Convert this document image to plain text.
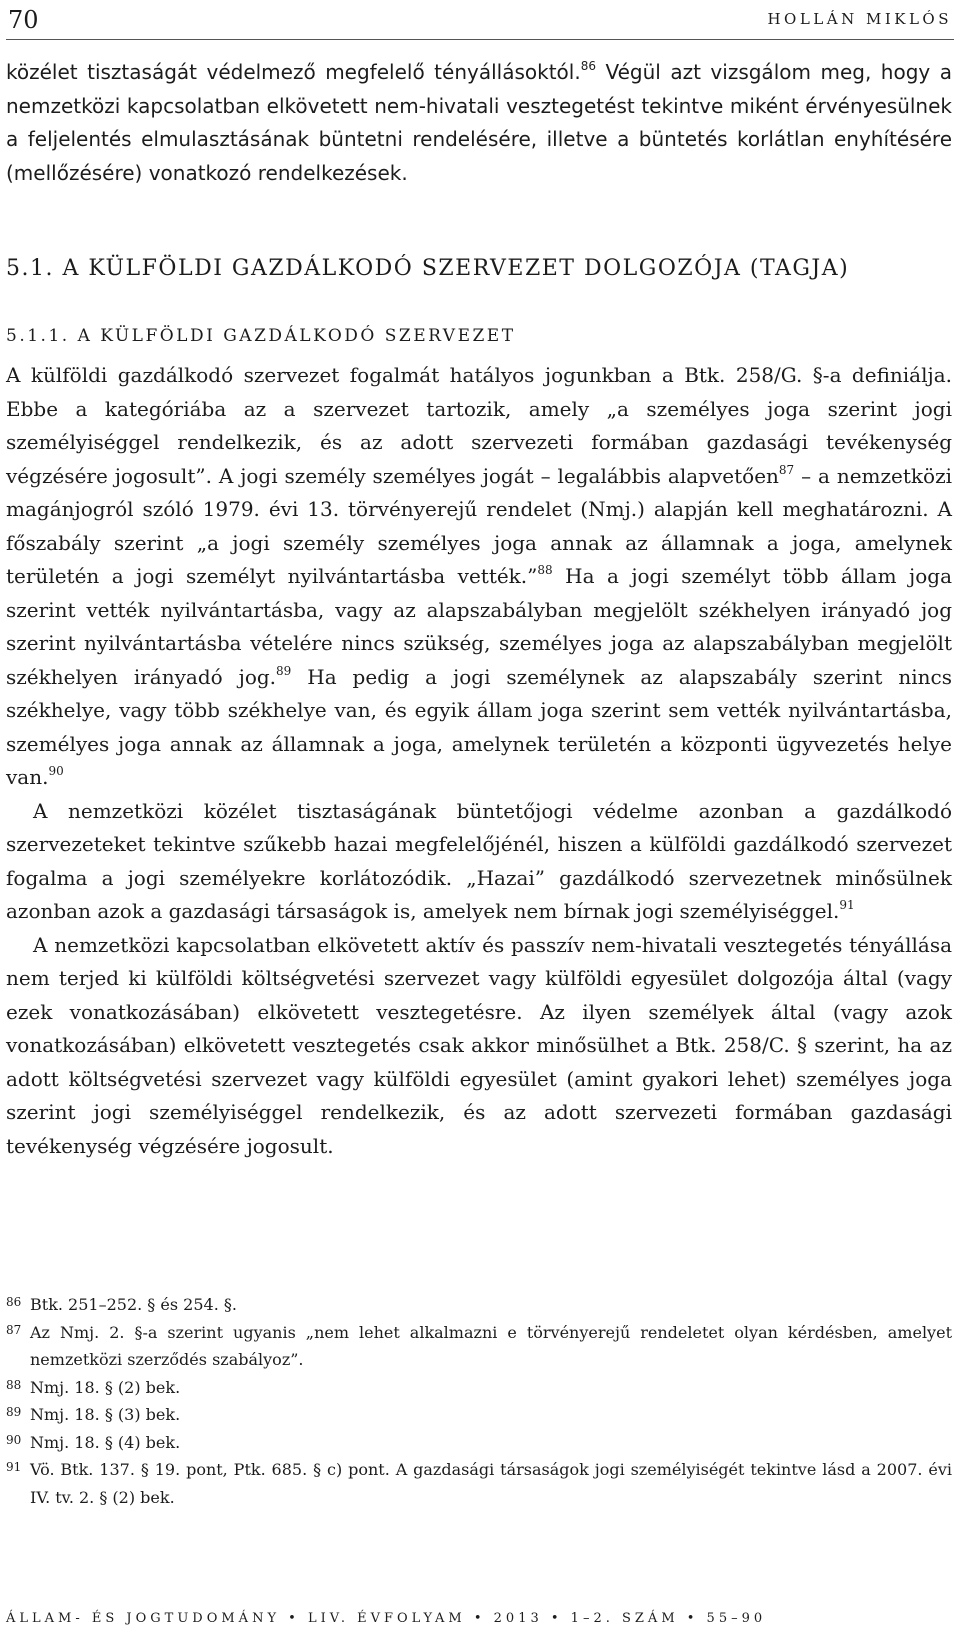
70	HOLLÁN MIKLÓS

közélet tisztaságát védelmező megfelelő tényállásoktól.$^{86}$ Végül azt vizsgálom meg, hogy a nemzetközi kapcsolatban elkövetett nem-hivatali vesztegetést tekintve miként érvényesülnek a feljelentés elmulasztásának büntetni rendelésére, illetve a büntetés korlátlan enyhítésére (mellőzésére) vonatkozó rendelkezések.

5.1. A KÜLFÖLDI GAZDÁLKODÓ SZERVEZET DOLGOZÓJA (TAGJA)
5.1.1. A KÜLFÖLDI GAZDÁLKODÓ SZERVEZET

A külföldi gazdálkodó szervezet fogalmát hatályos jogunkban a Btk. 258/G. §-a definiálja. Ebbe a kategóriába az a szervezet tartozik, amely „a személyes joga szerint jogi személyiséggel rendelkezik, és az adott szervezeti formában gazdasági tevékenység végzésére jogosult”. A jogi személy személyes jogát – legalábbis alapvetően$^{87}$ – a nemzetközi magánjogról szóló 1979. évi 13. törvényerejű rendelet (Nmj.) alapján kell meghatározni. A főszabály szerint „a jogi személy személyes joga annak az államnak a joga, amelynek területén a jogi személyt nyilvántartásba vették.”$^{88}$ Ha a jogi személyt több állam joga szerint vették nyilvántartásba, vagy az alapszabályban megjelölt székhelyen irányadó jog szerint nyilvántartásba vételére nincs szükség, személyes joga az alapszabályban megjelölt székhelyen irányadó jog.$^{89}$ Ha pedig a jogi személynek az alapszabály szerint nincs székhelye, vagy több székhelye van, és egyik állam joga szerint sem vették nyilvántartásba, személyes joga annak az államnak a joga, amelynek területén a központi ügyvezetés helye van.$^{90}$

A nemzetközi közélet tisztaságának büntetőjogi védelme azonban a gazdálkodó szervezeteket tekintve szűkebb hazai megfelelőjénél, hiszen a külföldi gazdálkodó szervezet fogalma a jogi személyekre korlátozódik. „Hazai” gazdálkodó szervezetnek minősülnek azonban azok a gazdasági társaságok is, amelyek nem bírnak jogi személyiséggel.$^{91}$

A nemzetközi kapcsolatban elkövetett aktív és passzív nem-hivatali vesztegetés tényállása nem terjed ki külföldi költségvetési szervezet vagy külföldi egyesület dolgozója által (vagy ezek vonatkozásában) elkövetett vesztegetésre. Az ilyen személyek által (vagy azok vonatkozásában) elkövetett vesztegetés csak akkor minősülhet a Btk. 258/C. § szerint, ha az adott költségvetési szervezet vagy külföldi egyesület (amint gyakori lehet) személyes joga szerint jogi személyiséggel rendelkezik, és az adott szervezeti formában gazdasági tevékenység végzésére jogosult.

86 Btk. 251–252. § és 254. §.
87 Az Nmj. 2. §-a szerint ugyanis „nem lehet alkalmazni e törvényerejű rendeletet olyan kérdésben, amelyet nemzetközi szerződés szabályoz”.
88 Nmj. 18. § (2) bek.
89 Nmj. 18. § (3) bek.
90 Nmj. 18. § (4) bek.
91 Vö. Btk. 137. § 19. pont, Ptk. 685. § c) pont. A gazdasági társaságok jogi személyiségét tekintve lásd a 2007. évi IV. tv. 2. § (2) bek.
ÁLLAM- ÉS JOGTUDOMÁNY • LIV. ÉVFOLYAM • 2013 • 1–2. SZÁM • 55–90
